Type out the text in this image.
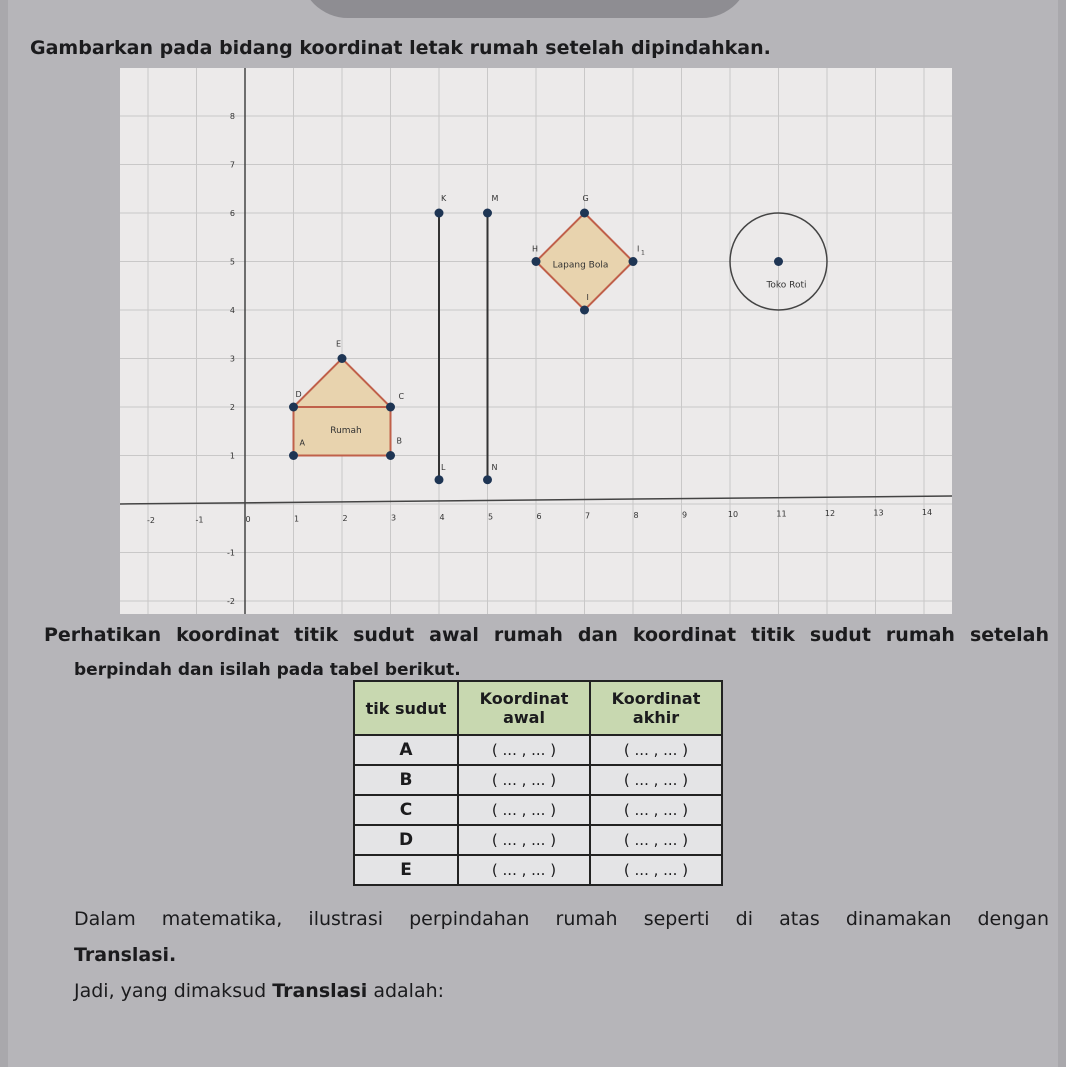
Gambarkan pada bidang koordinat letak rumah setelah dipindahkan.
-2	-1	0	1	2	3	4	5	6	7	8	9	10	11	12	13	14
-2
-1
1
2
3
4
5
6
7
8
A	B
C
D
E
K
L
M
N
G
H
I
I 1
Rumah
Lapang Bola
Toko Roti
Perhatikan koordinat titik sudut awal rumah dan koordinat titik sudut rumah setelah
berpindah dan isilah pada tabel berikut.
tik sudut	Koordinat awal	Koordinat akhir
A	( ... , ... )	( ... , ... )
B	( ... , ... )	( ... , ... )
C	( ... , ... )	( ... , ... )
D	( ... , ... )	( ... , ... )
E	( ... , ... )	( ... , ... )
Dalam matematika, ilustrasi perpindahan rumah seperti di atas dinamakan dengan
Translasi.
Jadi, yang dimaksud Translasi adalah:
